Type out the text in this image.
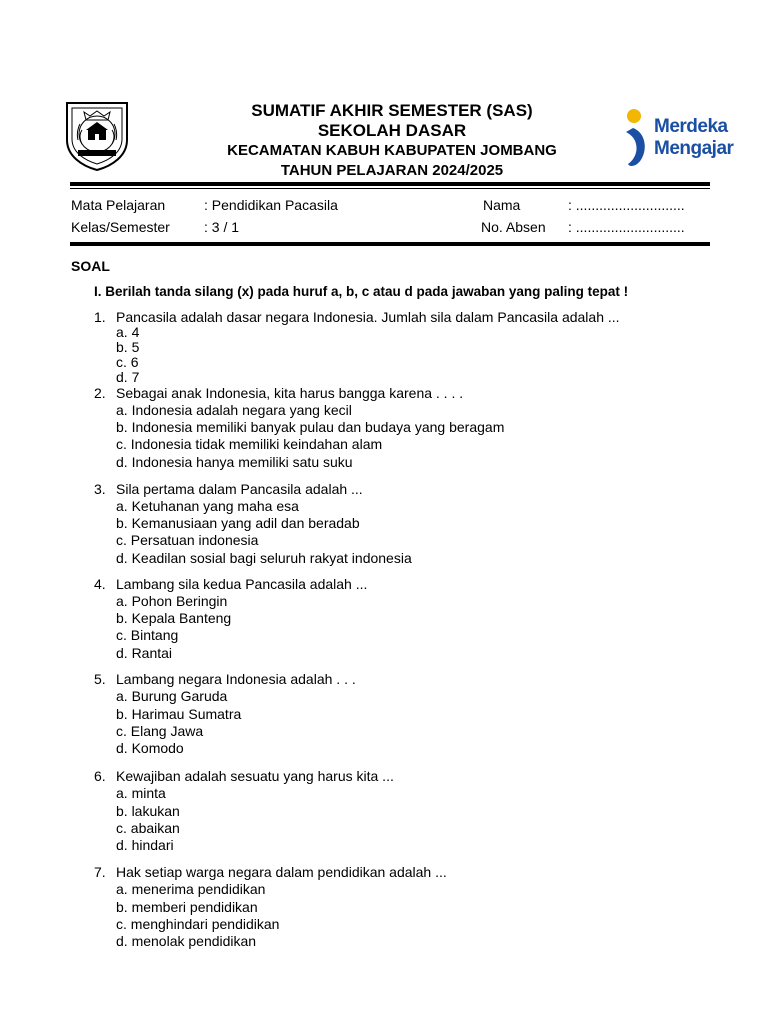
SUMATIF AKHIR SEMESTER (SAS)
SEKOLAH DASAR
KECAMATAN KABUH KABUPATEN JOMBANG
TAHUN PELAJARAN 2024/2025
Merdeka
Mengajar
Mata Pelajaran	: Pendidikan Pacasila
Kelas/Semester : 3 / 1
Nama	: ............................
No. Absen : ............................
SOAL
I. Berilah tanda silang (x) pada huruf a, b, c atau d pada jawaban yang paling tepat !
1. Pancasila adalah dasar negara Indonesia. Jumlah sila dalam Pancasila adalah ...
a. 4
b. 5
c. 6
d. 7
2. Sebagai anak Indonesia, kita harus bangga karena . . . .
a. Indonesia adalah negara yang kecil
b. Indonesia memiliki banyak pulau dan budaya yang beragam
c. Indonesia tidak memiliki keindahan alam
d. Indonesia hanya memiliki satu suku
3. Sila pertama dalam Pancasila adalah ...
a. Ketuhanan yang maha esa
b. Kemanusiaan yang adil dan beradab
c. Persatuan indonesia
d. Keadilan sosial bagi seluruh rakyat indonesia
4. Lambang sila kedua Pancasila adalah ...
a. Pohon Beringin
b. Kepala Banteng
c. Bintang
d. Rantai
5. Lambang negara Indonesia adalah . . .
a. Burung Garuda
b. Harimau Sumatra
c. Elang Jawa
d. Komodo
6. Kewajiban adalah sesuatu yang harus kita ...
a. minta
b. lakukan
c. abaikan
d. hindari
7. Hak setiap warga negara dalam pendidikan adalah ...
a. menerima pendidikan
b. memberi pendidikan
c. menghindari pendidikan
d. menolak pendidikan
